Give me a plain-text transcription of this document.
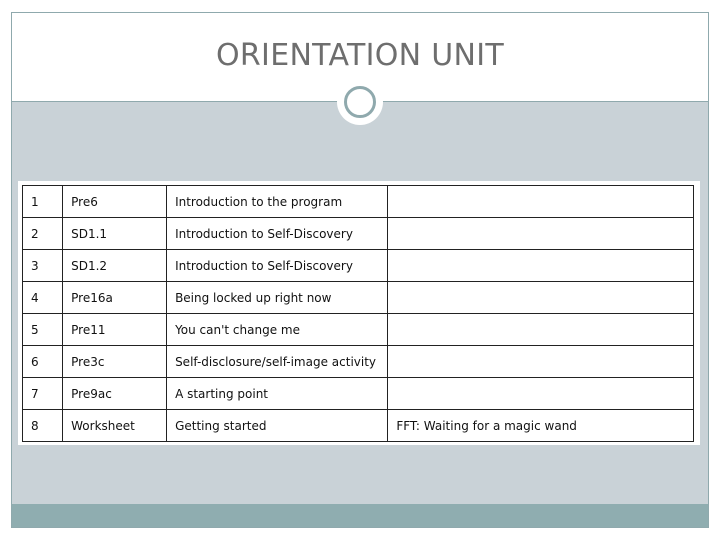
ORIENTATION UNIT
1	Pre6	Introduction to the program	
2	SD1.1	Introduction to Self-Discovery	
3	SD1.2	Introduction to Self-Discovery	
4	Pre16a	Being locked up right now	
5	Pre11	You can't change me	
6	Pre3c	Self-disclosure/self-image activity	
7	Pre9ac	A starting point	
8	Worksheet	Getting started	FFT: Waiting for a magic wand
